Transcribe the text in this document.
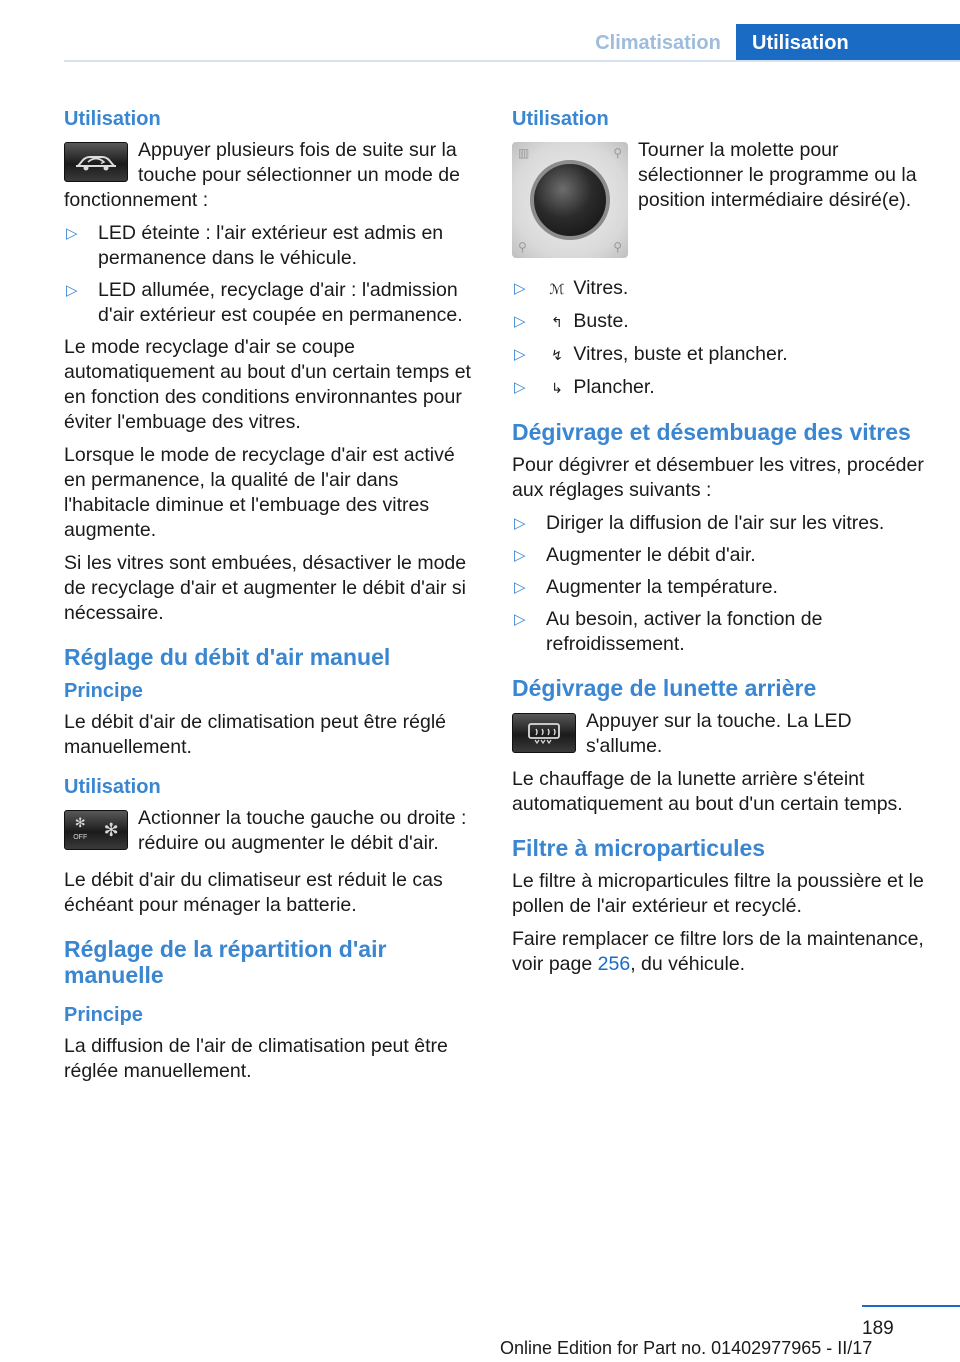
Climatisation	Utilisation
Utilisation

Appuyer plusieurs fois de suite sur la touche pour sélectionner un mode de fonctionnement :

▷ LED éteinte : l'air extérieur est admis en permanence dans le véhicule.
▷ LED allumée, recyclage d'air : l'admission d'air extérieur est coupée en permanence.

Le mode recyclage d'air se coupe automatiquement au bout d'un certain temps et en fonction des conditions environnantes pour éviter l'embuage des vitres.

Lorsque le mode de recyclage d'air est activé en permanence, la qualité de l'air dans l'habitacle diminue et l'embuage des vitres augmente.

Si les vitres sont embuées, désactiver le mode de recyclage d'air et augmenter le débit d'air si nécessaire.

Réglage du débit d'air manuel
Principe

Le débit d'air de climatisation peut être réglé manuellement.

Utilisation
✻
OFF ✻

Actionner la touche gauche ou droite : réduire ou augmenter le débit d'air.

Le débit d'air du climatiseur est réduit le cas échéant pour ménager la batterie.

Réglage de la répartition d'air manuelle
Principe

La diffusion de l'air de climatisation peut être réglée manuellement.

Utilisation
▥	⚲
⚲	⚲

Tourner la molette pour sélectionner le programme ou la position intermédiaire désiré(e).

▷ ℳ Vitres.
▷ ↰ Buste.
▷ ↯ Vitres, buste et plancher.
▷ ↳ Plancher.
Dégivrage et désembuage des vitres

Pour dégivrer et désembuer les vitres, procéder aux réglages suivants :

▷ Diriger la diffusion de l'air sur les vitres.
▷ Augmenter le débit d'air.
▷ Augmenter la température.
▷ Au besoin, activer la fonction de refroidissement.
Dégivrage de lunette arrière

Appuyer sur la touche. La LED s'allume.

Le chauffage de la lunette arrière s'éteint automatiquement au bout d'un certain temps.

Filtre à microparticules

Le filtre à microparticules filtre la poussière et le pollen de l'air extérieur et recyclé.

Faire remplacer ce filtre lors de la maintenance, voir page 256, du véhicule.

189
Online Edition for Part no. 01402977965 - II/17
